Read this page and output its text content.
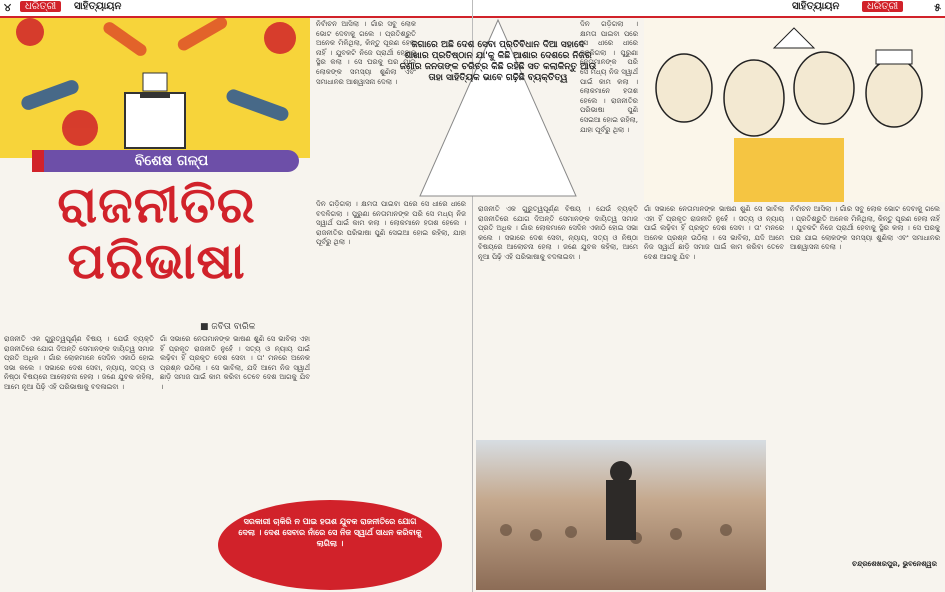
୪	ଧରିତ୍ରୀ	ସାହିତ୍ୟାୟନ	ସାହିତ୍ୟାୟନ	ଧରିତ୍ରୀ	୫
ବିଶେଷ ଗଳ୍ପ
ରାଜନୀତିର
ପରିଭାଷା
■ ଜବିତା ବାରିକ
ରାଜନୀତି ଏକ ଗୁରୁତ୍ୱପୂର୍ଣ୍ଣ ବିଷୟ । ଯେଉଁ ବ୍ୟକ୍ତି ରାଜନୀତିରେ ଯୋଗ ଦିଅନ୍ତି ସେମାନଙ୍କ ଦାୟିତ୍ୱ ସମାଜ ପ୍ରତି ଅଧିକ । ଗାଁର ଲୋକମାନେ ସେଦିନ ଏକାଠି ହୋଇ ସଭା କଲେ । ସଭାରେ ଦେଶ ସେବା, ନ୍ୟାୟ, ସତ୍ୟ ଓ ନିଷ୍ଠା ବିଷୟରେ ଆଲୋଚନା ହେଲା । ଜଣେ ଯୁବକ କହିଲା, ଆମେ ନୂଆ ପିଢ଼ି ଏହି ପରିଭାଷାକୁ ବଦଳାଇବା ।
ଗାଁ ସଭାରେ ନେତାମାନଙ୍କ ଭାଷଣ ଶୁଣି ସେ ଭାବିଲା ଏହା ହିଁ ପ୍ରକୃତ ରାଜନୀତି ନୁହେଁ । ସତ୍ୟ ଓ ନ୍ୟାୟ ପାଇଁ ଲଢ଼ିବା ହିଁ ପ୍ରକୃତ ଦେଶ ସେବା । ତା' ମନରେ ଅନେକ ପ୍ରଶ୍ନ ଉଠିଲା । ସେ ଭାବିଲା, ଯଦି ଆମେ ନିଜ ସ୍ୱାର୍ଥ ଛାଡ଼ି ସମାଜ ପାଇଁ କାମ କରିବା ତେବେ ଦେଶ ଆଗକୁ ଯିବ ।
ନିର୍ବାଚନ ଆସିଲା । ଗାଁର ସବୁ ଲୋକ ଭୋଟ ଦେବାକୁ ଗଲେ । ପ୍ରତିଶ୍ରୁତି ଅନେକ ମିଳିଥିଲା, କିନ୍ତୁ ପୂରଣ ହେଲା ନାହିଁ । ଯୁବକଟି ନିଜେ ପ୍ରାର୍ଥୀ ହେବାକୁ ସ୍ଥିର କଲା । ସେ ଘରକୁ ଘର ଯାଇ ଲୋକଙ୍କ ସମସ୍ୟା ଶୁଣିଲା ଏବଂ ସମାଧାନର ଆଶ୍ୱାସନା ଦେଲା ।
ଦିନ ଗଡ଼ିଗଲା । କ୍ଷମତା ପାଇବା ପରେ ସେ ଧୀରେ ଧୀରେ ବଦଳିଗଲା । ପୁରୁଣା ନେତାମାନଙ୍କ ପରି ସେ ମଧ୍ୟ ନିଜ ସ୍ୱାର୍ଥ ପାଇଁ କାମ କଲା । ଲୋକମାନେ ହତାଶ ହେଲେ । ରାଜନୀତିର ପରିଭାଷା ପୁଣି ସେଇଆ ହୋଇ ରହିଲା, ଯାହା ପୂର୍ବରୁ ଥିଲା ।
ରାଜନୀତି ଏକ ଗୁରୁତ୍ୱପୂର୍ଣ୍ଣ ବିଷୟ । ଯେଉଁ ବ୍ୟକ୍ତି ରାଜନୀତିରେ ଯୋଗ ଦିଅନ୍ତି ସେମାନଙ୍କ ଦାୟିତ୍ୱ ସମାଜ ପ୍ରତି ଅଧିକ । ଗାଁର ଲୋକମାନେ ସେଦିନ ଏକାଠି ହୋଇ ସଭା କଲେ । ସଭାରେ ଦେଶ ସେବା, ନ୍ୟାୟ, ସତ୍ୟ ଓ ନିଷ୍ଠା ବିଷୟରେ ଆଲୋଚନା ହେଲା । ଜଣେ ଯୁବକ କହିଲା, ଆମେ ନୂଆ ପିଢ଼ି ଏହି ପରିଭାଷାକୁ ବଦଳାଇବା ।
ଗାଁ ସଭାରେ ନେତାମାନଙ୍କ ଭାଷଣ ଶୁଣି ସେ ଭାବିଲା ଏହା ହିଁ ପ୍ରକୃତ ରାଜନୀତି ନୁହେଁ । ସତ୍ୟ ଓ ନ୍ୟାୟ ପାଇଁ ଲଢ଼ିବା ହିଁ ପ୍ରକୃତ ଦେଶ ସେବା । ତା' ମନରେ ଅନେକ ପ୍ରଶ୍ନ ଉଠିଲା । ସେ ଭାବିଲା, ଯଦି ଆମେ ନିଜ ସ୍ୱାର୍ଥ ଛାଡ଼ି ସମାଜ ପାଇଁ କାମ କରିବା ତେବେ ଦେଶ ଆଗକୁ ଯିବ ।
ନିର୍ବାଚନ ଆସିଲା । ଗାଁର ସବୁ ଲୋକ ଭୋଟ ଦେବାକୁ ଗଲେ । ପ୍ରତିଶ୍ରୁତି ଅନେକ ମିଳିଥିଲା, କିନ୍ତୁ ପୂରଣ ହେଲା ନାହିଁ । ଯୁବକଟି ନିଜେ ପ୍ରାର୍ଥୀ ହେବାକୁ ସ୍ଥିର କଲା । ସେ ଘରକୁ ଘର ଯାଇ ଲୋକଙ୍କ ସମସ୍ୟା ଶୁଣିଲା ଏବଂ ସମାଧାନର ଆଶ୍ୱାସନା ଦେଲା ।
ଦିନ ଗଡ଼ିଗଲା । କ୍ଷମତା ପାଇବା ପରେ ସେ ଧୀରେ ଧୀରେ ବଦଳିଗଲା । ପୁରୁଣା ନେତାମାନଙ୍କ ପରି ସେ ମଧ୍ୟ ନିଜ ସ୍ୱାର୍ଥ ପାଇଁ କାମ କଲା । ଲୋକମାନେ ହତାଶ ହେଲେ । ରାଜନୀତିର ପରିଭାଷା ପୁଣି ସେଇଆ ହୋଇ ରହିଲା, ଯାହା ପୂର୍ବରୁ ଥିଲା ।
ଜଗାରେ ଅଛି ଦେଶ ସେବା ପ୍ରତିବିଧାନ ଦିଆ ସହାଦେ ଶାଖାର ପ୍ରତିଷ୍ଠାନ ଯା'କୁ କିଛି ଆଶାର ଦେଶରେ ନିଜର ଜଣାର ଜନତାଙ୍କ ଚରିତ୍ର କିଛି ରହିଛି ସତ କଲାକିନ୍ତୁ ଆଉ ତାହା ସାହିତ୍ୟିକ ଭାବେ ଗଢ଼ିଛି ବ୍ୟକ୍ତିତ୍ୱ
ସରକାରୀ ଚାକିରି ନ ପାଇ ହତାଶ ଯୁବକ ରାଜନୀତିରେ ଯୋଗ ଦେଲା । ଦେଶ ସେବାର ନାଁରେ ସେ ନିଜ ସ୍ୱାର୍ଥ ସାଧନ କରିବାକୁ ଲାଗିଲା ।
ଚନ୍ଦ୍ରଶେଖରପୁର, ଭୁବନେଶ୍ୱର
